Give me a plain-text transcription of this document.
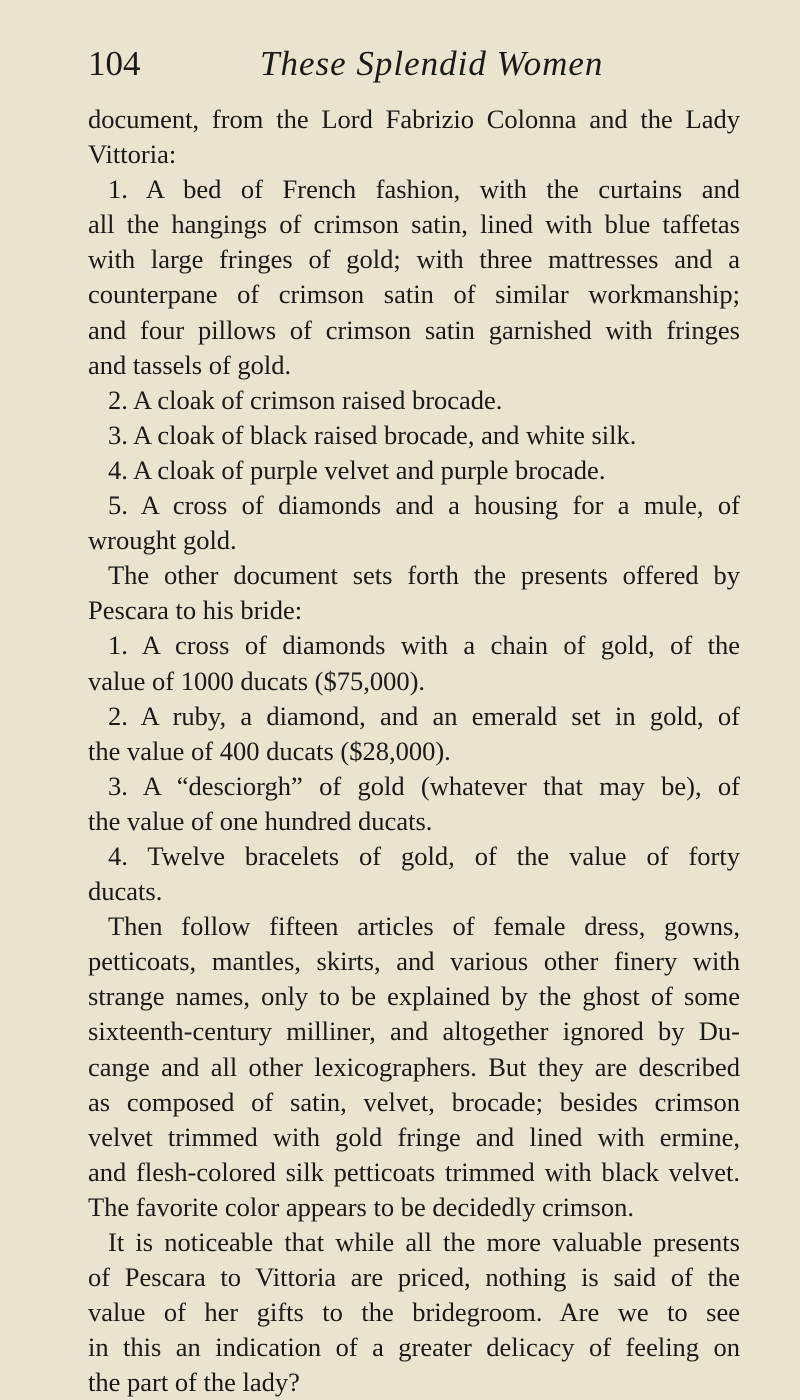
104	These Splendid Women
document, from the Lord Fabrizio Colonna and the Lady
Vittoria:
1. A bed of French fashion, with the curtains and
all the hangings of crimson satin, lined with blue taffetas
with large fringes of gold; with three mattresses and a
counterpane of crimson satin of similar workmanship;
and four pillows of crimson satin garnished with fringes
and tassels of gold.
2. A cloak of crimson raised brocade.
3. A cloak of black raised brocade, and white silk.
4. A cloak of purple velvet and purple brocade.
5. A cross of diamonds and a housing for a mule, of
wrought gold.
The other document sets forth the presents offered by
Pescara to his bride:
1. A cross of diamonds with a chain of gold, of the
value of 1000 ducats ($75,000).
2. A ruby, a diamond, and an emerald set in gold, of
the value of 400 ducats ($28,000).
3. A “desciorgh” of gold (whatever that may be), of
the value of one hundred ducats.
4. Twelve bracelets of gold, of the value of forty
ducats.
Then follow fifteen articles of female dress, gowns,
petticoats, mantles, skirts, and various other finery with
strange names, only to be explained by the ghost of some
sixteenth-century milliner, and altogether ignored by Du-
cange and all other lexicographers. But they are described
as composed of satin, velvet, brocade; besides crimson
velvet trimmed with gold fringe and lined with ermine,
and flesh-colored silk petticoats trimmed with black velvet.
The favorite color appears to be decidedly crimson.
It is noticeable that while all the more valuable presents
of Pescara to Vittoria are priced, nothing is said of the
value of her gifts to the bridegroom. Are we to see
in this an indication of a greater delicacy of feeling on
the part of the lady?
